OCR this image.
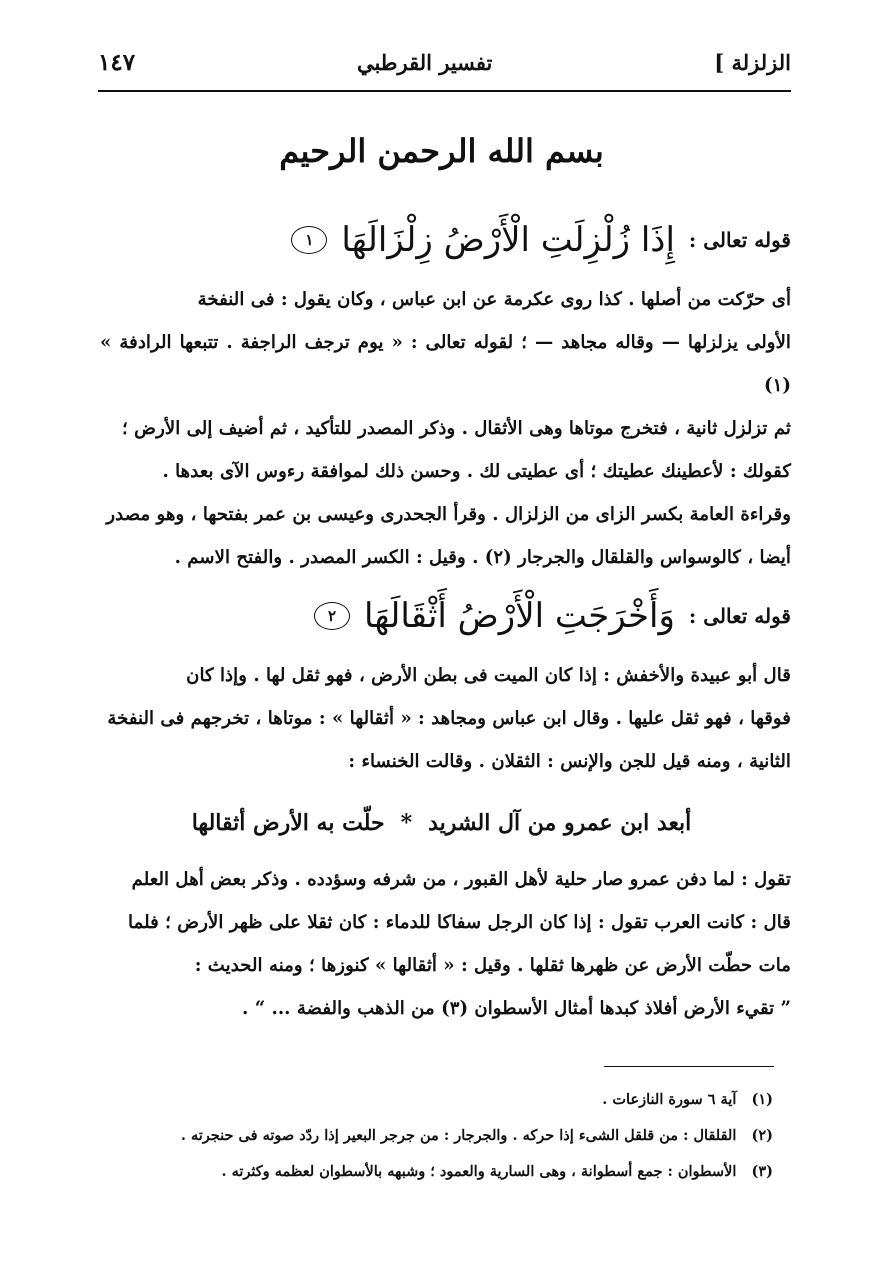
الزلزلة ]
تفسير القرطبي
١٤٧
بسم الله الرحمن الرحيم
قوله تعالى :
إِذَا زُلْزِلَتِ الْأَرْضُ زِلْزَالَهَا
١

أى حرّكت من أصلها . كذا روى عكرمة عن ابن عباس ، وكان يقول : فى النفخة

الأولى يزلزلها — وقاله مجاهد — ؛ لقوله تعالى : « يوم ترجف الراجفة . تتبعها الرادفة » (١)

ثم تزلزل ثانية ، فتخرج موتاها وهى الأثقال . وذكر المصدر للتأكيد ، ثم أضيف إلى الأرض ؛

كقولك : لأعطينك عطيتك ؛ أى عطيتى لك . وحسن ذلك لموافقة رءوس الآى بعدها .

وقراءة العامة بكسر الزاى من الزلزال . وقرأ الجحدرى وعيسى بن عمر بفتحها ، وهو مصدر

أيضا ، كالوسواس والقلقال والجرجار (٢) . وقيل : الكسر المصدر . والفتح الاسم .

قوله تعالى :
وَأَخْرَجَتِ الْأَرْضُ أَثْقَالَهَا
٢

قال أبو عبيدة والأخفش : إذا كان الميت فى بطن الأرض ، فهو ثقل لها . وإذا كان

فوقها ، فهو ثقل عليها . وقال ابن عباس ومجاهد : « أثقالها » : موتاها ، تخرجهم فى النفخة

الثانية ، ومنه قيل للجن والإنس : الثقلان . وقالت الخنساء :

أبعد ابن عمرو من آل الشريد
*
حلّت به الأرض أثقالها

تقول : لما دفن عمرو صار حلية لأهل القبور ، من شرفه وسؤدده . وذكر بعض أهل العلم

قال : كانت العرب تقول : إذا كان الرجل سفاكا للدماء : كان ثقلا على ظهر الأرض ؛ فلما

مات حطّت الأرض عن ظهرها ثقلها . وقيل : « أثقالها » كنوزها ؛ ومنه الحديث :

” تقيء الأرض أفلاذ كبدها أمثال الأسطوان (٣) من الذهب والفضة ... “ .

(١) آية ٦ سورة النازعات .
(٢) القلقال : من قلقل الشىء إذا حركه . والجرجار : من جرجر البعير إذا ردّد صوته فى حنجرته .
(٣) الأسطوان : جمع أسطوانة ، وهى السارية والعمود ؛ وشبهه بالأسطوان لعظمه وكثرته .
